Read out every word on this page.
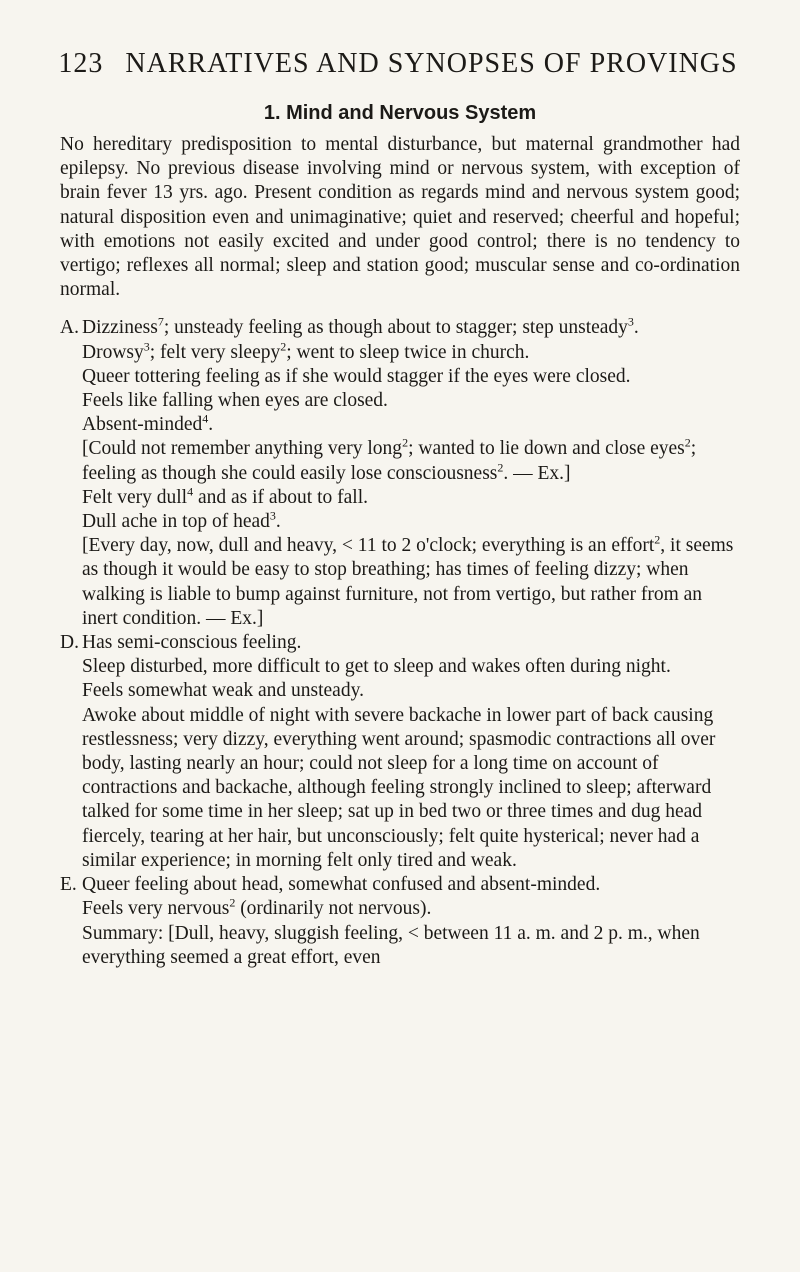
123 NARRATIVES AND SYNOPSES OF PROVINGS
1. Mind and Nervous System

No hereditary predisposition to mental disturbance, but maternal grandmother had epilepsy. No previous disease involving mind or nervous system, with exception of brain fever 13 yrs. ago. Present condition as regards mind and nervous system good; natural disposition even and unimaginative; quiet and reserved; cheerful and hopeful; with emotions not easily excited and under good control; there is no tendency to vertigo; reflexes all normal; sleep and station good; muscular sense and co-ordination normal.

A. Dizziness$^7$; unsteady feeling as though about to stagger; step unsteady$^3$.

Drowsy$^3$; felt very sleepy$^2$; went to sleep twice in church.

Queer tottering feeling as if she would stagger if the eyes were closed.

Feels like falling when eyes are closed.

Absent-minded$^4$.

[Could not remember anything very long$^2$; wanted to lie down and close eyes$^2$; feeling as though she could easily lose consciousness$^2$. — Ex.]

Felt very dull$^4$ and as if about to fall.

Dull ache in top of head$^3$.

[Every day, now, dull and heavy, < 11 to 2 o'clock; everything is an effort$^2$, it seems as though it would be easy to stop breathing; has times of feeling dizzy; when walking is liable to bump against furniture, not from vertigo, but rather from an inert condition. — Ex.]

D. Has semi-conscious feeling.

Sleep disturbed, more difficult to get to sleep and wakes often during night.

Feels somewhat weak and unsteady.

Awoke about middle of night with severe backache in lower part of back causing restlessness; very dizzy, everything went around; spasmodic contractions all over body, lasting nearly an hour; could not sleep for a long time on account of contractions and backache, although feeling strongly inclined to sleep; afterward talked for some time in her sleep; sat up in bed two or three times and dug head fiercely, tearing at her hair, but unconsciously; felt quite hysterical; never had a similar experience; in morning felt only tired and weak.

E. Queer feeling about head, somewhat confused and absent-minded.

Feels very nervous$^2$ (ordinarily not nervous).

Summary: [Dull, heavy, sluggish feeling, < between 11 a. m. and 2 p. m., when everything seemed a great effort, even
